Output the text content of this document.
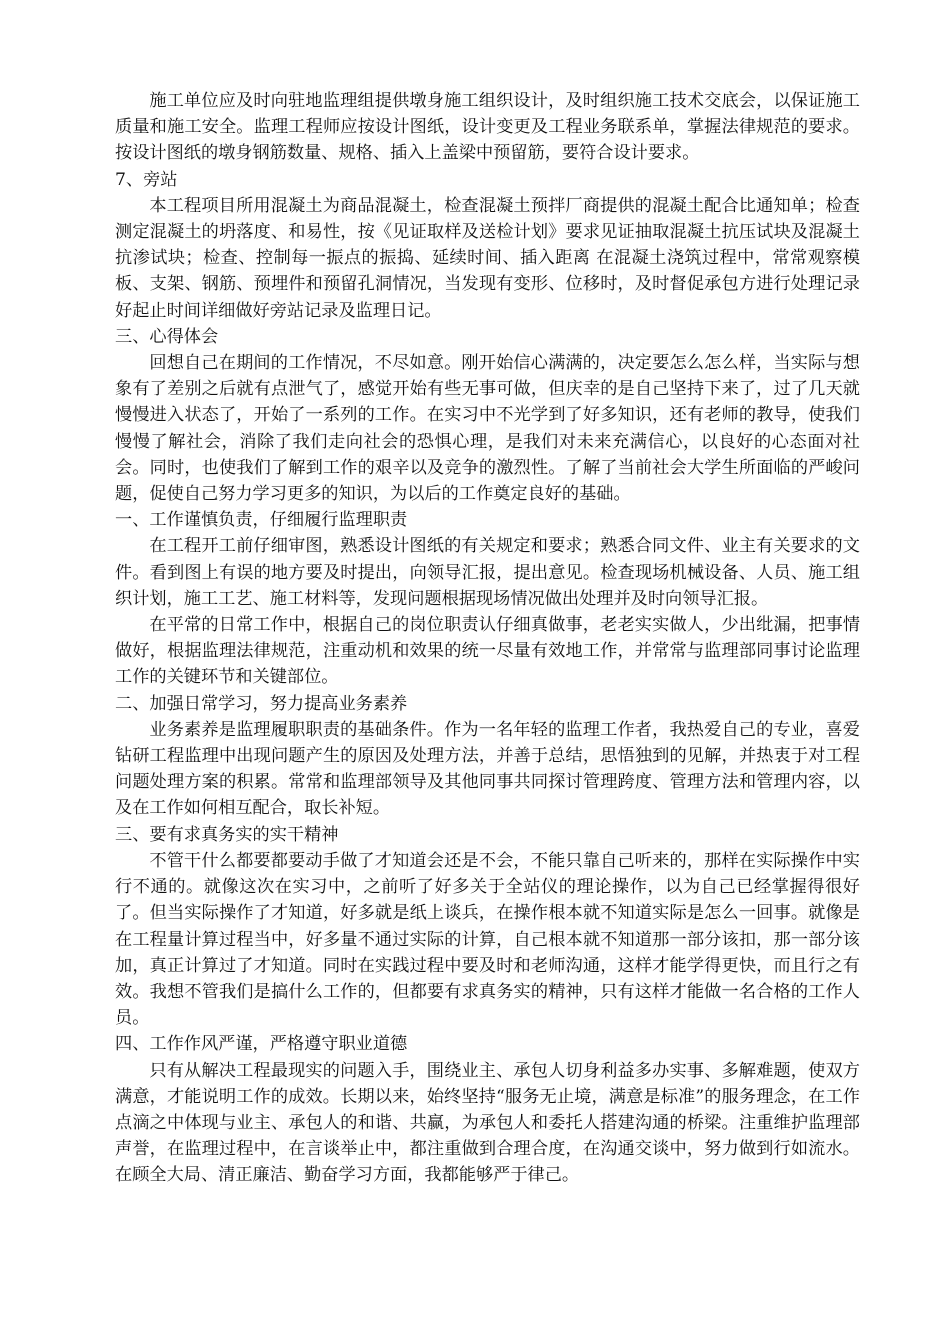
施工单位应及时向驻地监理组提供墩身施工组织设计，及时组织施工技术交底会，以保证施工质量和施工安全。监理工程师应按设计图纸，设计变更及工程业务联系单，掌握法律规范的要求。按设计图纸的墩身钢筋数量、规格、插入上盖梁中预留筋，要符合设计要求。

7、旁站

本工程项目所用混凝土为商品混凝土，检查混凝土预拌厂商提供的混凝土配合比通知单；检查测定混凝土的坍落度、和易性，按《见证取样及送检计划》要求见证抽取混凝土抗压试块及混凝土抗渗试块；检查、控制每一振点的振捣、延续时间、插入距离 在混凝土浇筑过程中，常常观察模板、支架、钢筋、预埋件和预留孔洞情况，当发现有变形、位移时，及时督促承包方进行处理记录好起止时间详细做好旁站记录及监理日记。

三、心得体会

回想自己在期间的工作情况，不尽如意。刚开始信心满满的，决定要怎么怎么样，当实际与想象有了差别之后就有点泄气了，感觉开始有些无事可做，但庆幸的是自己坚持下来了，过了几天就慢慢进入状态了，开始了一系列的工作。在实习中不光学到了好多知识，还有老师的教导，使我们慢慢了解社会，消除了我们走向社会的恐惧心理，是我们对未来充满信心，以良好的心态面对社会。同时，也使我们了解到工作的艰辛以及竞争的激烈性。了解了当前社会大学生所面临的严峻问题，促使自己努力学习更多的知识，为以后的工作奠定良好的基础。

一、工作谨慎负责，仔细履行监理职责

在工程开工前仔细审图，熟悉设计图纸的有关规定和要求；熟悉合同文件、业主有关要求的文件。看到图上有误的地方要及时提出，向领导汇报，提出意见。检查现场机械设备、人员、施工组织计划，施工工艺、施工材料等，发现问题根据现场情况做出处理并及时向领导汇报。

在平常的日常工作中，根据自己的岗位职责认仔细真做事，老老实实做人，少出纰漏，把事情做好，根据监理法律规范，注重动机和效果的统一尽量有效地工作，并常常与监理部同事讨论监理工作的关键环节和关键部位。

二、加强日常学习，努力提高业务素养

业务素养是监理履职职责的基础条件。作为一名年轻的监理工作者，我热爱自己的专业，喜爱钻研工程监理中出现问题产生的原因及处理方法，并善于总结，思悟独到的见解，并热衷于对工程问题处理方案的积累。常常和监理部领导及其他同事共同探讨管理跨度、管理方法和管理内容，以及在工作如何相互配合，取长补短。

三、要有求真务实的实干精神

不管干什么都要都要动手做了才知道会还是不会，不能只靠自己听来的，那样在实际操作中实行不通的。就像这次在实习中，之前听了好多关于全站仪的理论操作，以为自己已经掌握得很好了。但当实际操作了才知道，好多就是纸上谈兵，在操作根本就不知道实际是怎么一回事。就像是在工程量计算过程当中，好多量不通过实际的计算，自己根本就不知道那一部分该扣，那一部分该加，真正计算过了才知道。同时在实践过程中要及时和老师沟通，这样才能学得更快，而且行之有效。我想不管我们是搞什么工作的，但都要有求真务实的精神，只有这样才能做一名合格的工作人员。

四、工作作风严谨，严格遵守职业道德

只有从解决工程最现实的问题入手，围绕业主、承包人切身利益多办实事、多解难题，使双方满意，才能说明工作的成效。长期以来，始终坚持“服务无止境，满意是标准”的服务理念，在工作点滴之中体现与业主、承包人的和谐、共赢，为承包人和委托人搭建沟通的桥梁。注重维护监理部声誉，在监理过程中，在言谈举止中，都注重做到合理合度，在沟通交谈中，努力做到行如流水。在顾全大局、清正廉洁、勤奋学习方面，我都能够严于律己。
